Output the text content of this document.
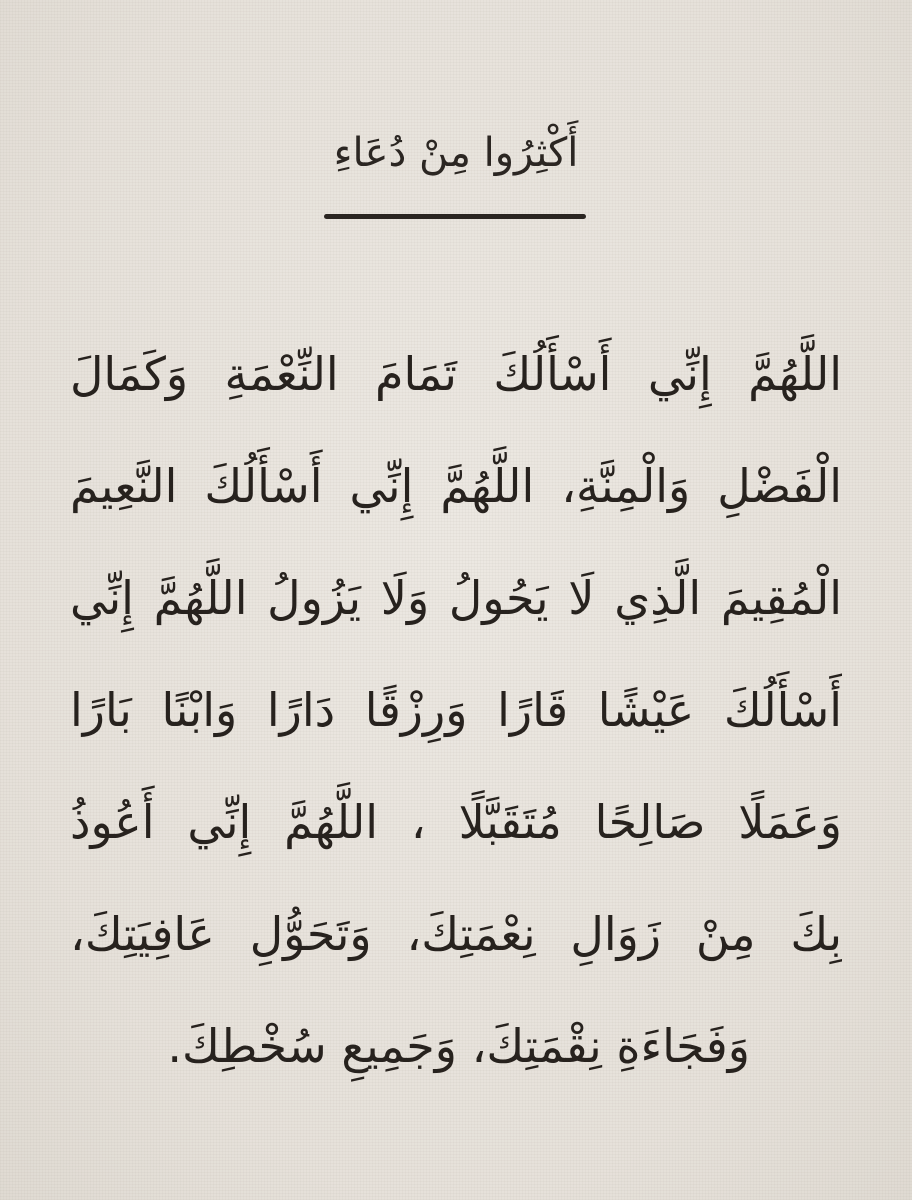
أَكْثِرُوا مِنْ دُعَاءِ
اللَّهُمَّ إِنِّي أَسْأَلُكَ تَمَامَ النِّعْمَةِ وَكَمَالَ
الْفَضْلِ وَالْمِنَّةِ، اللَّهُمَّ إِنِّي أَسْأَلُكَ النَّعِيمَ
الْمُقِيمَ الَّذِي لَا يَحُولُ وَلَا يَزُولُ اللَّهُمَّ إِنِّي
أَسْأَلُكَ عَيْشًا قَارًا وَرِزْقًا دَارًا وَابْنًا بَارًا
وَعَمَلًا صَالِحًا مُتَقَبَّلًا ، اللَّهُمَّ إِنِّي أَعُوذُ
بِكَ مِنْ زَوَالِ نِعْمَتِكَ، وَتَحَوُّلِ عَافِيَتِكَ،
وَفَجَاءَةِ نِقْمَتِكَ، وَجَمِيعِ سُخْطِكَ.
